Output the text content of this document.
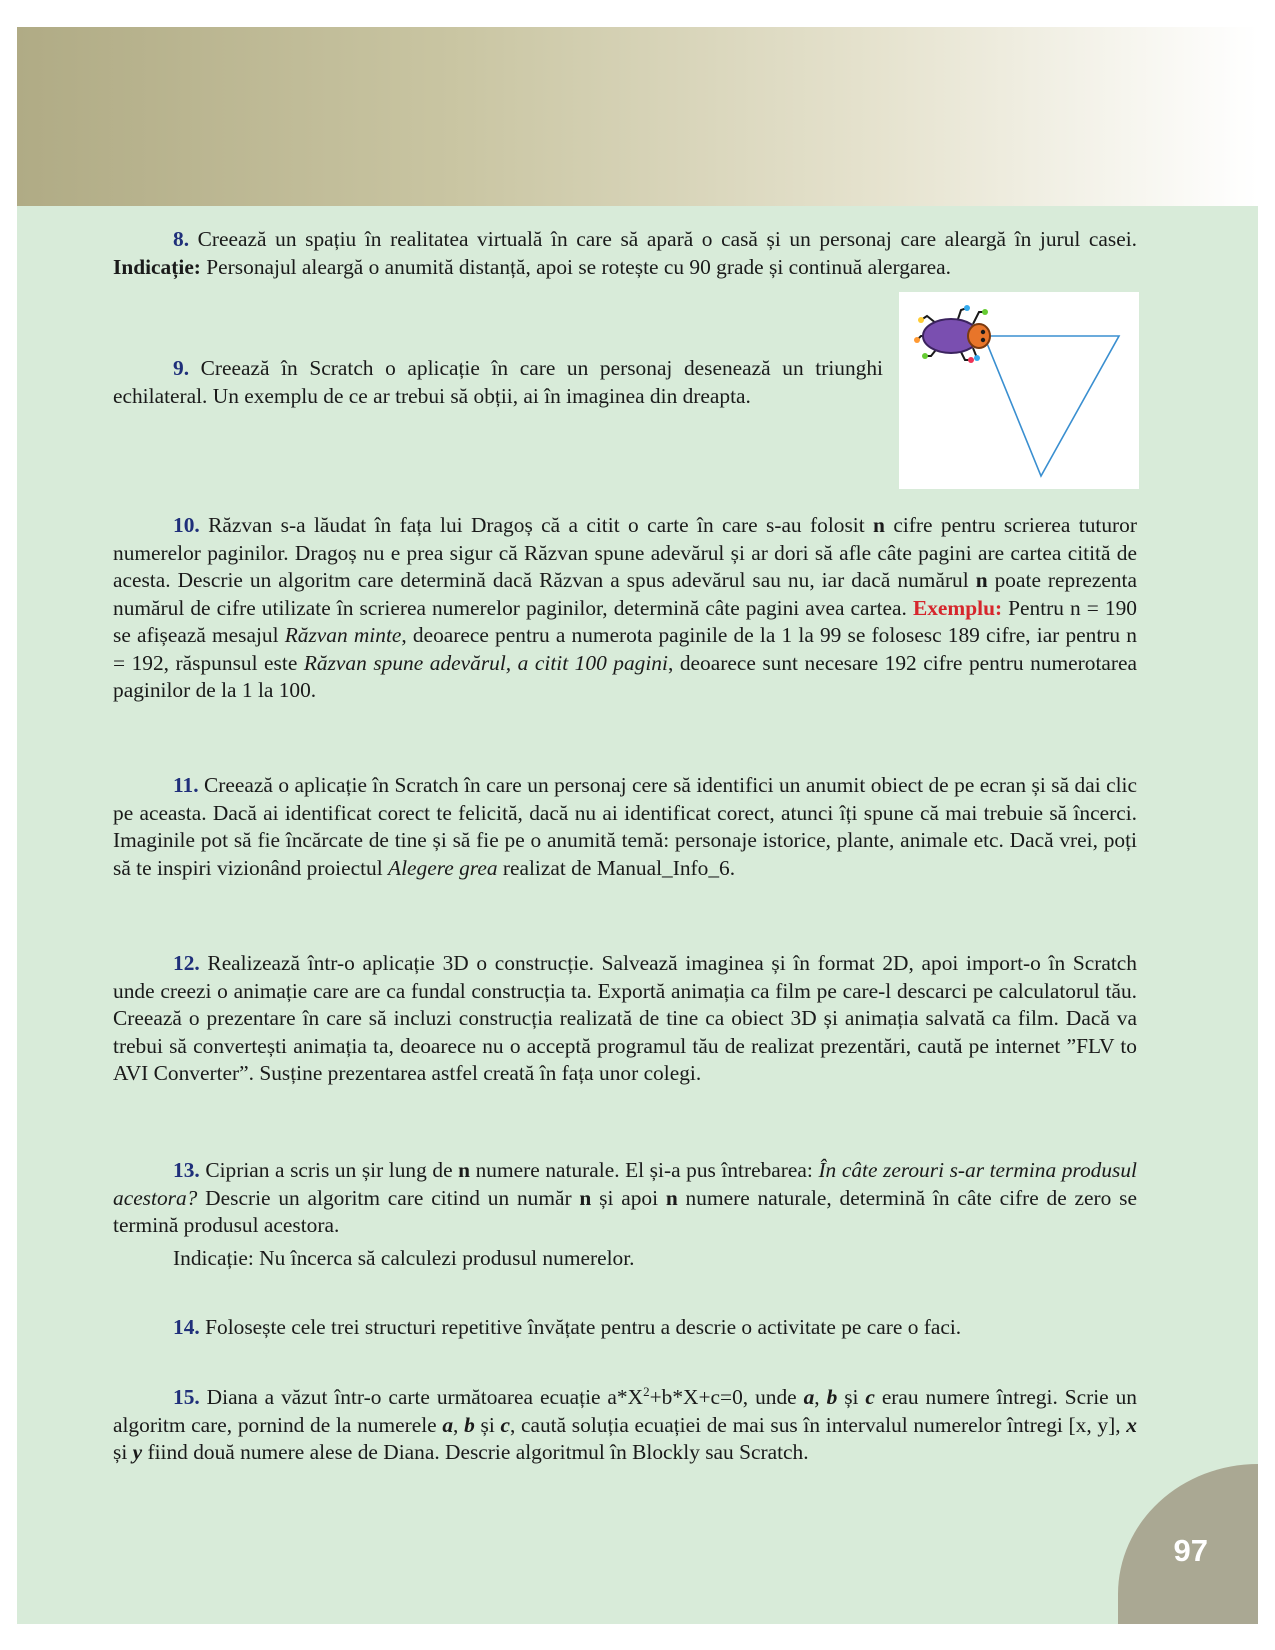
97

8. Creează un spațiu în realitatea virtuală în care să apară o casă și un personaj care aleargă în jurul casei. Indicație: Personajul aleargă o anumită distanță, apoi se rotește cu 90 grade și continuă alergarea.

9. Creează în Scratch o aplicație în care un personaj desenează un triunghi echilateral. Un exemplu de ce ar trebui să obții, ai în imaginea din dreapta.

10. Răzvan s-a lăudat în fața lui Dragoș că a citit o carte în care s-au folosit n cifre pentru scrierea tuturor numerelor paginilor. Dragoș nu e prea sigur că Răzvan spune adevărul și ar dori să afle câte pagini are cartea citită de acesta. Descrie un algoritm care determină dacă Răzvan a spus adevărul sau nu, iar dacă numărul n poate reprezenta numărul de cifre utilizate în scrierea numerelor paginilor, determină câte pagini avea cartea. Exemplu: Pentru n = 190 se afișează mesajul Răzvan minte, deoarece pentru a numerota paginile de la 1 la 99 se folosesc 189 cifre, iar pentru n = 192, răspunsul este Răzvan spune adevărul, a citit 100 pagini, deoarece sunt necesare 192 cifre pentru numerotarea paginilor de la 1 la 100.

11. Creează o aplicație în Scratch în care un personaj cere să identifici un anumit obiect de pe ecran și să dai clic pe aceasta. Dacă ai identificat corect te felicită, dacă nu ai identificat corect, atunci îți spune că mai trebuie să încerci. Imaginile pot să fie încărcate de tine și să fie pe o anumită temă: personaje istorice, plante, animale etc. Dacă vrei, poți să te inspiri vizionând proiectul Alegere grea realizat de Manual_Info_6.

12. Realizează într-o aplicație 3D o construcție. Salvează imaginea și în format 2D, apoi import-o în Scratch unde creezi o animație care are ca fundal construcția ta. Exportă animația ca film pe care-l descarci pe calculatorul tău. Creează o prezentare în care să incluzi construcția realizată de tine ca obiect 3D și animația salvată ca film. Dacă va trebui să convertești animația ta, deoarece nu o acceptă programul tău de realizat prezentări, caută pe internet ”FLV to AVI Converter”. Susține prezentarea astfel creată în fața unor colegi.

13. Ciprian a scris un șir lung de n numere naturale. El și-a pus întrebarea: În câte zerouri s-ar termina produsul acestora? Descrie un algoritm care citind un număr n și apoi n numere naturale, determină în câte cifre de zero se termină produsul acestora.

Indicație: Nu încerca să calculezi produsul numerelor.

14. Folosește cele trei structuri repetitive învățate pentru a descrie o activitate pe care o faci.

15. Diana a văzut într-o carte următoarea ecuație $a*X^2+b*X+c=0$, unde a, b și c erau numere întregi. Scrie un algoritm care, pornind de la numerele a, b și c, caută soluția ecuației de mai sus în intervalul numerelor întregi [x, y], x și y fiind două numere alese de Diana. Descrie algoritmul în Blockly sau Scratch.
